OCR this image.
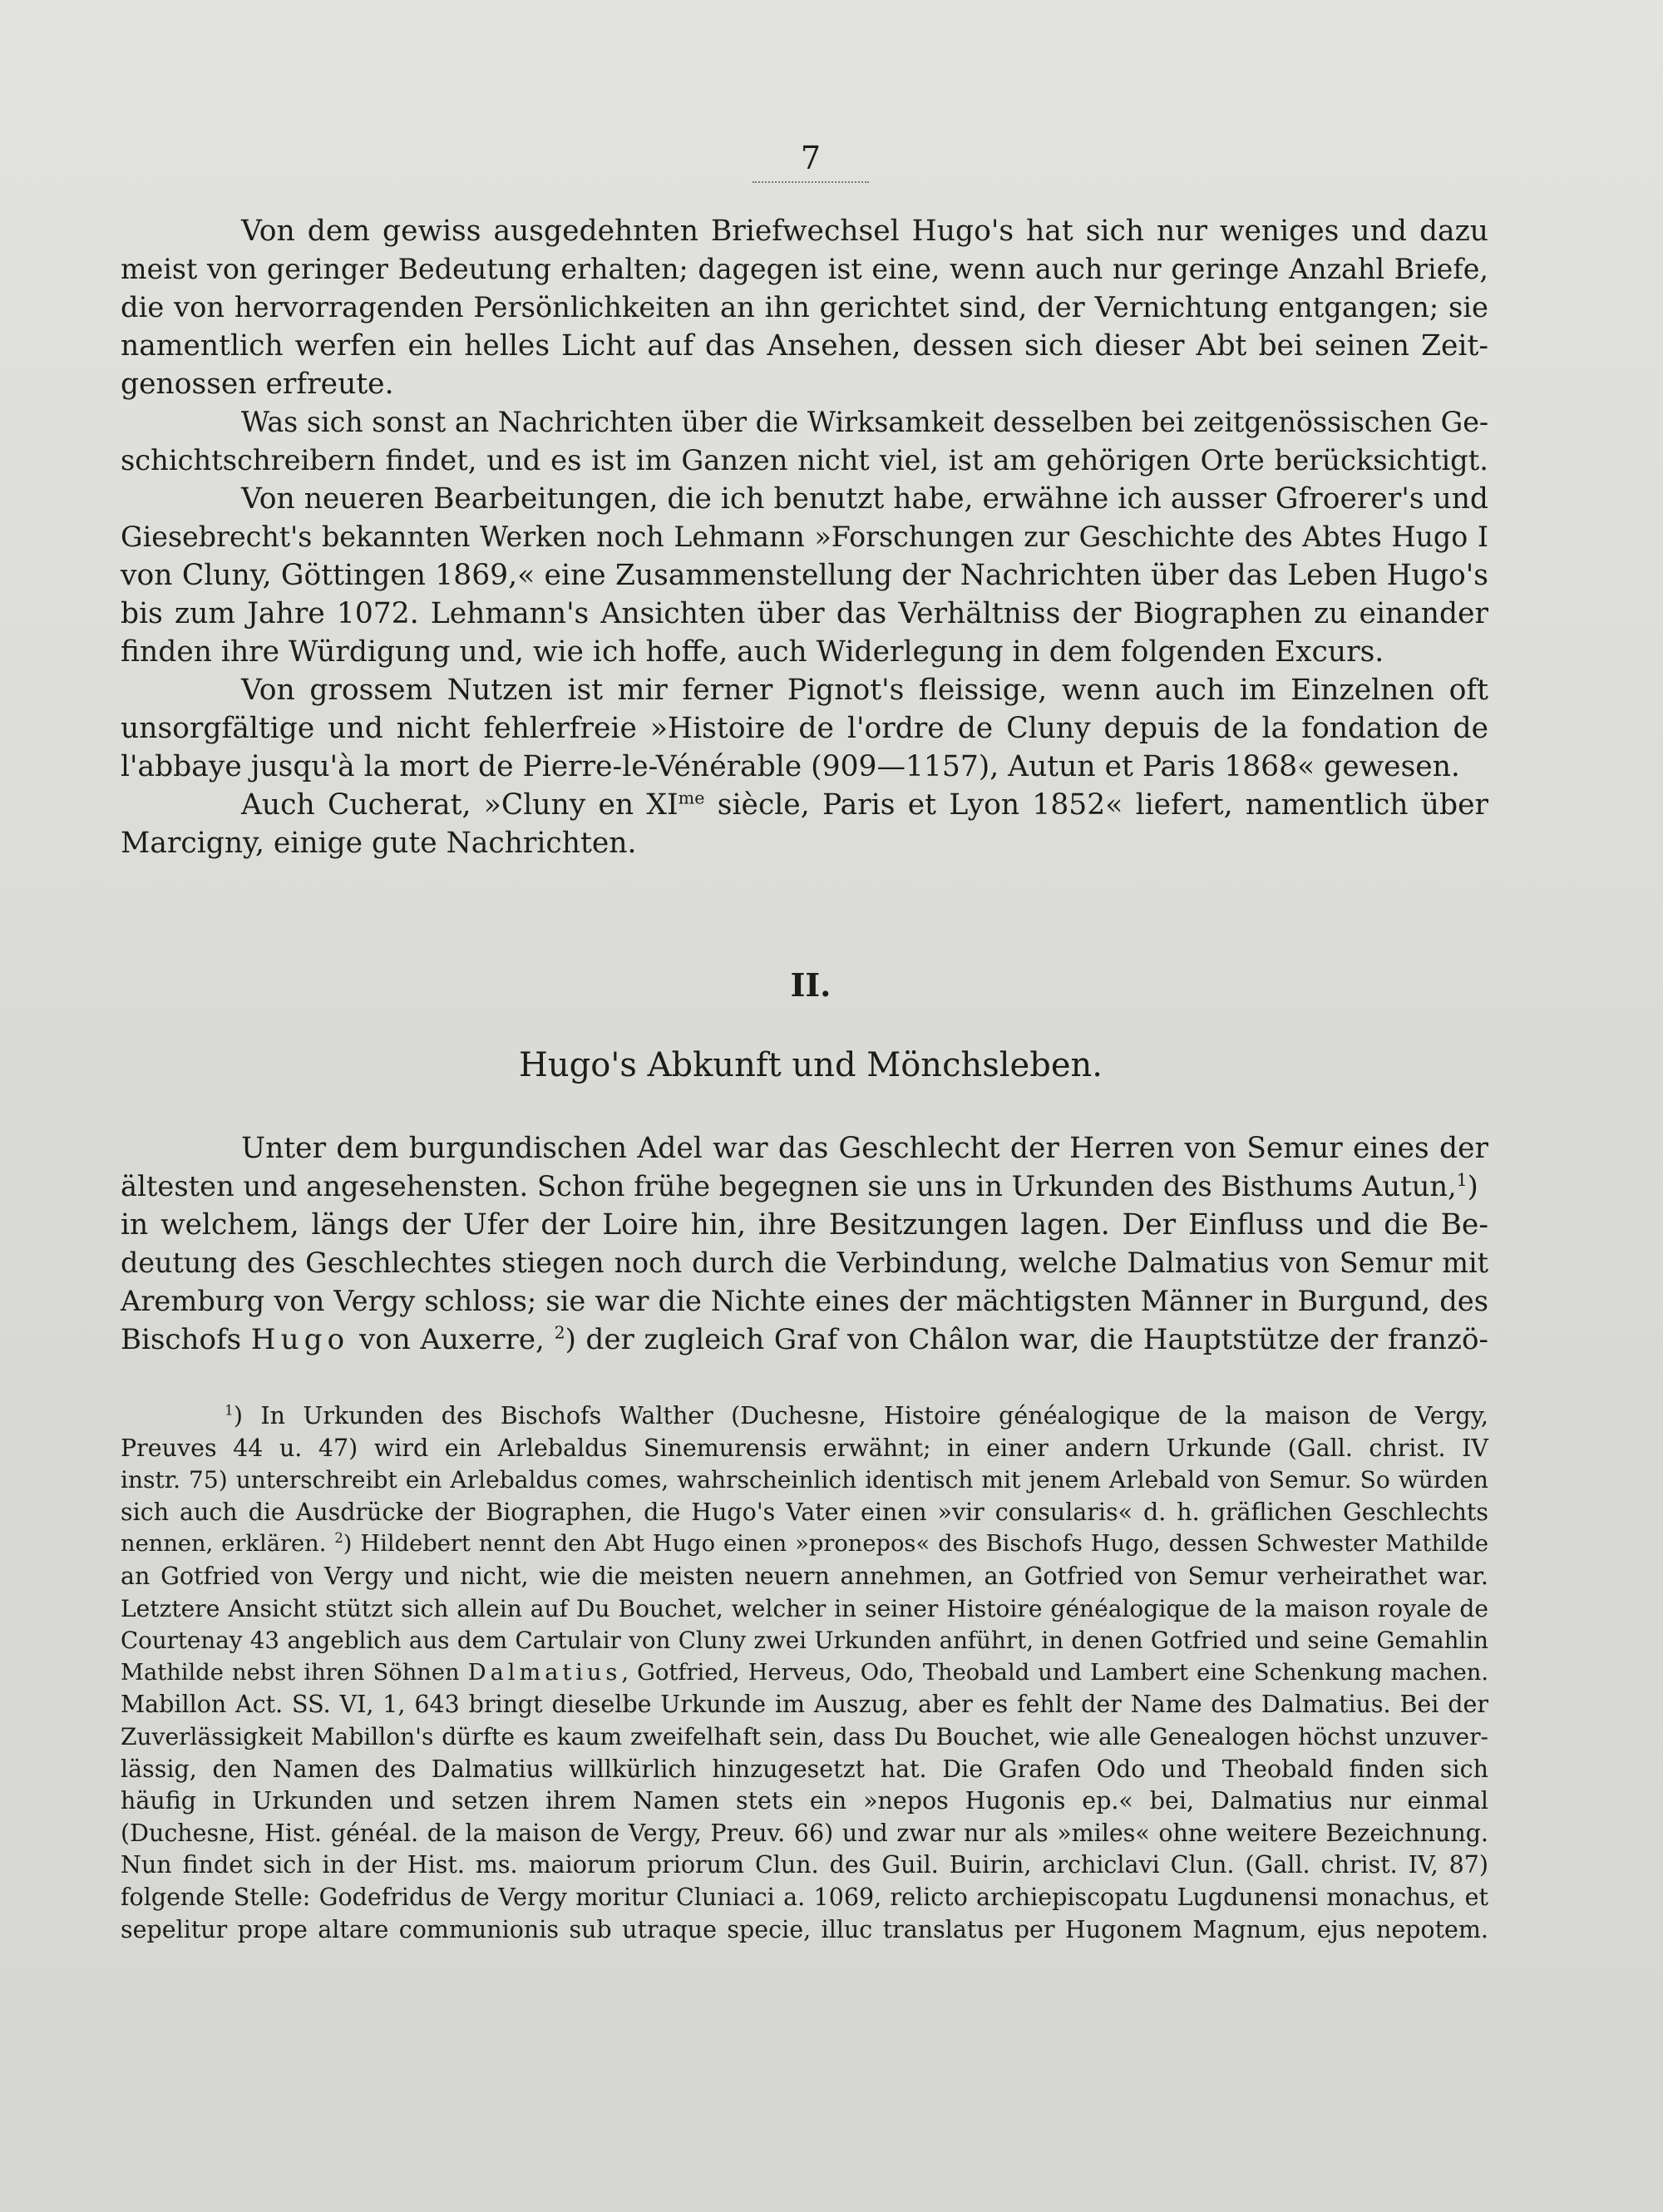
7
Von dem gewiss ausgedehnten Briefwechsel Hugo's hat sich nur weniges und dazu
meist von geringer Bedeutung erhalten; dagegen ist eine, wenn auch nur geringe Anzahl Briefe,
die von hervorragenden Persönlichkeiten an ihn gerichtet sind, der Vernichtung entgangen; sie
namentlich werfen ein helles Licht auf das Ansehen, dessen sich dieser Abt bei seinen Zeit-
genossen erfreute.
Was sich sonst an Nachrichten über die Wirksamkeit desselben bei zeitgenössischen Ge-
schichtschreibern findet, und es ist im Ganzen nicht viel, ist am gehörigen Orte berücksichtigt.
Von neueren Bearbeitungen, die ich benutzt habe, erwähne ich ausser Gfroerer's und
Giesebrecht's bekannten Werken noch Lehmann »Forschungen zur Geschichte des Abtes Hugo I
von Cluny, Göttingen 1869,« eine Zusammenstellung der Nachrichten über das Leben Hugo's
bis zum Jahre 1072. Lehmann's Ansichten über das Verhältniss der Biographen zu einander
finden ihre Würdigung und, wie ich hoffe, auch Widerlegung in dem folgenden Excurs.
Von grossem Nutzen ist mir ferner Pignot's fleissige, wenn auch im Einzelnen oft
unsorgfältige und nicht fehlerfreie »Histoire de l'ordre de Cluny depuis de la fondation de
l'abbaye jusqu'à la mort de Pierre-le-Vénérable (909—1157), Autun et Paris 1868« gewesen.
Auch Cucherat, »Cluny en $XI^{me}$ siècle, Paris et Lyon 1852« liefert, namentlich über
Marcigny, einige gute Nachrichten.
II.
Hugo's Abkunft und Mönchsleben.
Unter dem burgundischen Adel war das Geschlecht der Herren von Semur eines der
ältesten und angesehensten. Schon frühe begegnen sie uns in Urkunden des Bisthums Autun,$^1$)
in welchem, längs der Ufer der Loire hin, ihre Besitzungen lagen. Der Einfluss und die Be-
deutung des Geschlechtes stiegen noch durch die Verbindung, welche Dalmatius von Semur mit
Aremburg von Vergy schloss; sie war die Nichte eines der mächtigsten Männer in Burgund, des
Bischofs Hugo von Auxerre, $^2$) der zugleich Graf von Châlon war, die Hauptstütze der franzö-
$^1$) In Urkunden des Bischofs Walther (Duchesne, Histoire généalogique de la maison de Vergy,
Preuves 44 u. 47) wird ein Arlebaldus Sinemurensis erwähnt; in einer andern Urkunde (Gall. christ. IV
instr. 75) unterschreibt ein Arlebaldus comes, wahrscheinlich identisch mit jenem Arlebald von Semur. So würden
sich auch die Ausdrücke der Biographen, die Hugo's Vater einen »vir consularis« d. h. gräflichen Geschlechts
nennen, erklären. $^2$) Hildebert nennt den Abt Hugo einen »pronepos« des Bischofs Hugo, dessen Schwester Mathilde
an Gotfried von Vergy und nicht, wie die meisten neuern annehmen, an Gotfried von Semur verheirathet war.
Letztere Ansicht stützt sich allein auf Du Bouchet, welcher in seiner Histoire généalogique de la maison royale de
Courtenay 43 angeblich aus dem Cartulair von Cluny zwei Urkunden anführt, in denen Gotfried und seine Gemahlin
Mathilde nebst ihren Söhnen Dalmatius, Gotfried, Herveus, Odo, Theobald und Lambert eine Schenkung machen.
Mabillon Act. SS. VI, 1, 643 bringt dieselbe Urkunde im Auszug, aber es fehlt der Name des Dalmatius. Bei der
Zuverlässigkeit Mabillon's dürfte es kaum zweifelhaft sein, dass Du Bouchet, wie alle Genealogen höchst unzuver-
lässig, den Namen des Dalmatius willkürlich hinzugesetzt hat. Die Grafen Odo und Theobald finden sich
häufig in Urkunden und setzen ihrem Namen stets ein »nepos Hugonis ep.« bei, Dalmatius nur einmal
(Duchesne, Hist. généal. de la maison de Vergy, Preuv. 66) und zwar nur als »miles« ohne weitere Bezeichnung.
Nun findet sich in der Hist. ms. maiorum priorum Clun. des Guil. Buirin, archiclavi Clun. (Gall. christ. IV, 87)
folgende Stelle: Godefridus de Vergy moritur Cluniaci a. 1069, relicto archiepiscopatu Lugdunensi monachus, et
sepelitur prope altare communionis sub utraque specie, illuc translatus per Hugonem Magnum, ejus nepotem.
